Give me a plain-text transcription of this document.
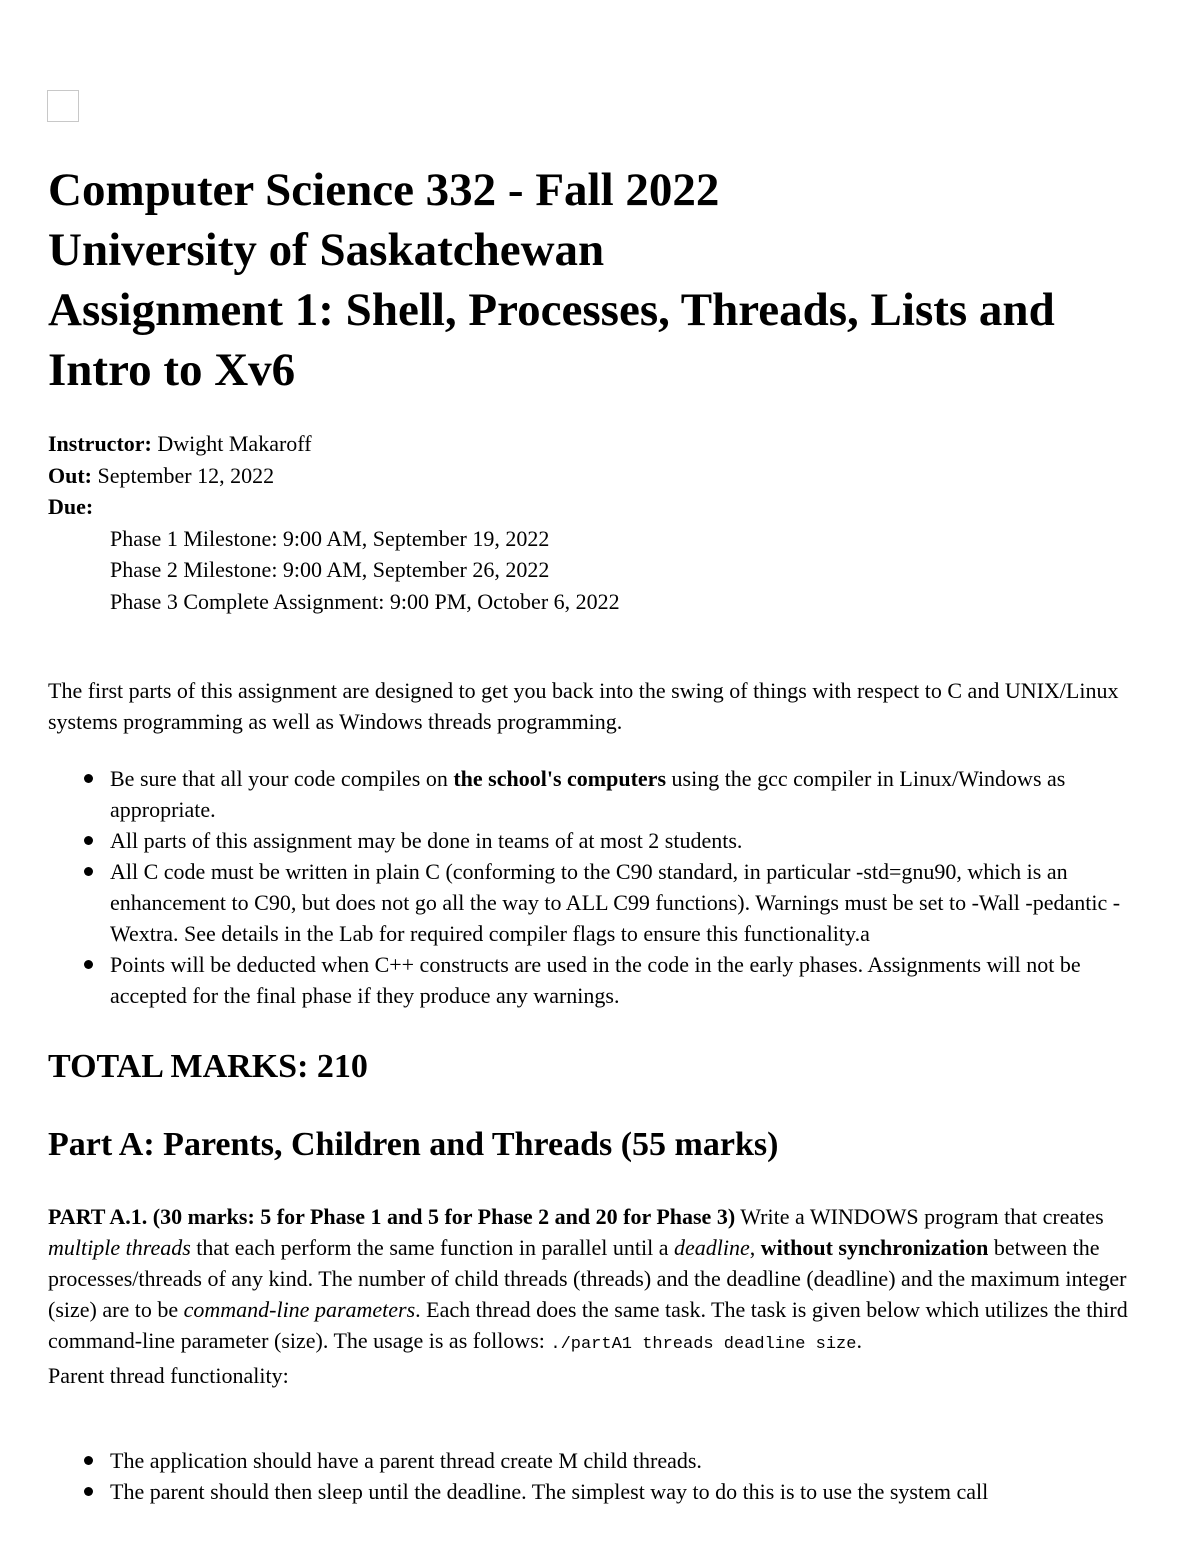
Computer Science 332 - Fall 2022
University of Saskatchewan
Assignment 1: Shell, Processes, Threads, Lists and Intro to Xv6
Instructor: Dwight Makaroff
Out: September 12, 2022
Due:
Phase 1 Milestone: 9:00 AM, September 19, 2022
Phase 2 Milestone: 9:00 AM, September 26, 2022
Phase 3 Complete Assignment: 9:00 PM, October 6, 2022
The first parts of this assignment are designed to get you back into the swing of things with respect to C and UNIX/Linux systems programming as well as Windows threads programming.
Be sure that all your code compiles on the school's computers using the gcc compiler in Linux/Windows as appropriate.
All parts of this assignment may be done in teams of at most 2 students.
All C code must be written in plain C (conforming to the C90 standard, in particular -std=gnu90, which is an enhancement to C90, but does not go all the way to ALL C99 functions). Warnings must be set to -Wall -pedantic -Wextra. See details in the Lab for required compiler flags to ensure this functionality.a
Points will be deducted when C++ constructs are used in the code in the early phases. Assignments will not be accepted for the final phase if they produce any warnings.
TOTAL MARKS: 210
Part A: Parents, Children and Threads (55 marks)
PART A.1. (30 marks: 5 for Phase 1 and 5 for Phase 2 and 20 for Phase 3) Write a WINDOWS program that creates multiple threads that each perform the same function in parallel until a deadline, without synchronization between the processes/threads of any kind. The number of child threads (threads) and the deadline (deadline) and the maximum integer (size) are to be command-line parameters. Each thread does the same task. The task is given below which utilizes the third command-line parameter (size). The usage is as follows: ./partA1 threads deadline size.
Parent thread functionality:
The application should have a parent thread create M child threads.
The parent should then sleep until the deadline. The simplest way to do this is to use the system call
